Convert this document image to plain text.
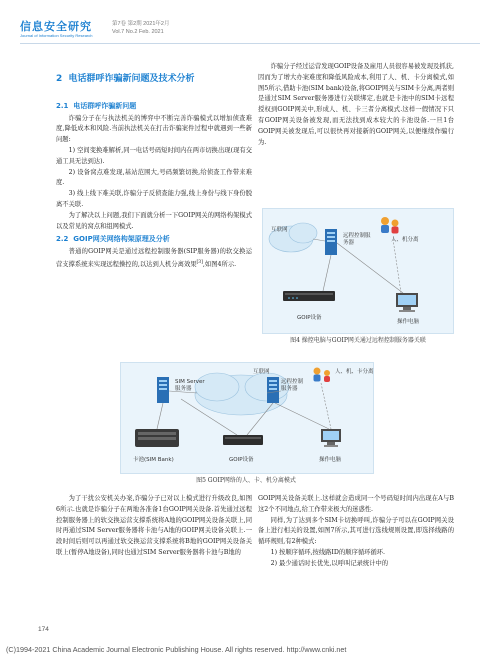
信息安全研究
Journal of Information Security Research
第7卷 第2期 2021年2月
Vol.7 No.2 Feb. 2021
2 电话群呼诈骗新问题及技术分析
2.1 电话群呼诈骗新问题

诈骗分子在与执法机关的博弈中不断完善诈骗模式以增加侦查难度,降低成本和风险.当前执法机关在打击诈骗案件过程中就遇到一些新问题:

1) 空间变换难解析,同一电话号码短时间内在两市切换出现(现有交通工具无法到达).

2) 设备窝点难发现,基站范围大,号码频繁切换,给侦查工作带来难度.

3) 线上线下难关联,诈骗分子反侦查能力强,线上身份与线下身份脱离不关联.

为了解决以上问题,我们下面就分析一下GOIP网关的网络构架模式以及常见的窝点和组网模式.

2.2 GOIP网关网络构架原理及分析

普通的GOIP网关是通过远程控制服务器(SIP服务器)的软交换运营支撑系统来实现远程操控的,以达到人机分离效果[3],如图4所示.

诈骗分子经过运营发现GOIP设备及雇用人员很容易被发现及抓获,因而为了增大办案难度和降低风险成本,利用了人、机、卡分离模式,如图5所示,借助卡池(SIM bank)设备,将GOIP网关与SIM卡分离,两者则是通过SIM Server服务器进行关联绑定,也就是卡池中的SIM卡远程授权到GOIP网关中,形成人、机、卡三者分离模式.这样一假情况下只有GOIP网关设备被发现,而无法找到成本较大的卡池设备.一旦1台GOIP网关被发现后,可以很快再对接新的GOIP网关,以便继续作骗行为.

互联网
人、机分离
远程控制服务器
GOIP设备
操作电脑
图4 操控电脑与GOIP网关通过远程控制服务器关联
互联网	人、机、卡分离
SIM Server服务器
远程控制服务器
卡池(SIM Bank)	GOIP设备	操作电脑
图5 GOIP网络的人、卡、机分离模式

为了干扰公安机关办案,诈骗分子已对以上模式进行升级改良,如图6所示.也就是诈骗分子在两地各准备1台GOIP网关设备.首先通过远程控制服务器上的软交换运营支撑系统将A地的GOIP网关设备关联上,同时再通过SIM Server服务器将卡池与A地的GOIP网关设备关联上.一段时间后则可以再通过软交换运营支撑系统将B地的GOIP网关设备关联上(暂停A地设备),同时也通过SIM Server服务器将卡池与B地的

GOIP网关设备关联上.这样就会造成同一个号码短时间内出现在A与B这2个不同地点,给工作带来极大的迷惑性.

同样,为了达到多个SIM卡切换呼叫,诈骗分子可以在GOIP网关设备上进行相关的设置,如图7所示,其可进行选线规则设置,即选择线路的循环规则,有2种模式:

1) 按顺序循环,按线路ID的顺序循环循环.

2) 最少通话时长优先,以呼叫记录统计中的

174
(C)1994-2021 China Academic Journal Electronic Publishing House. All rights reserved. http://www.cnki.net
